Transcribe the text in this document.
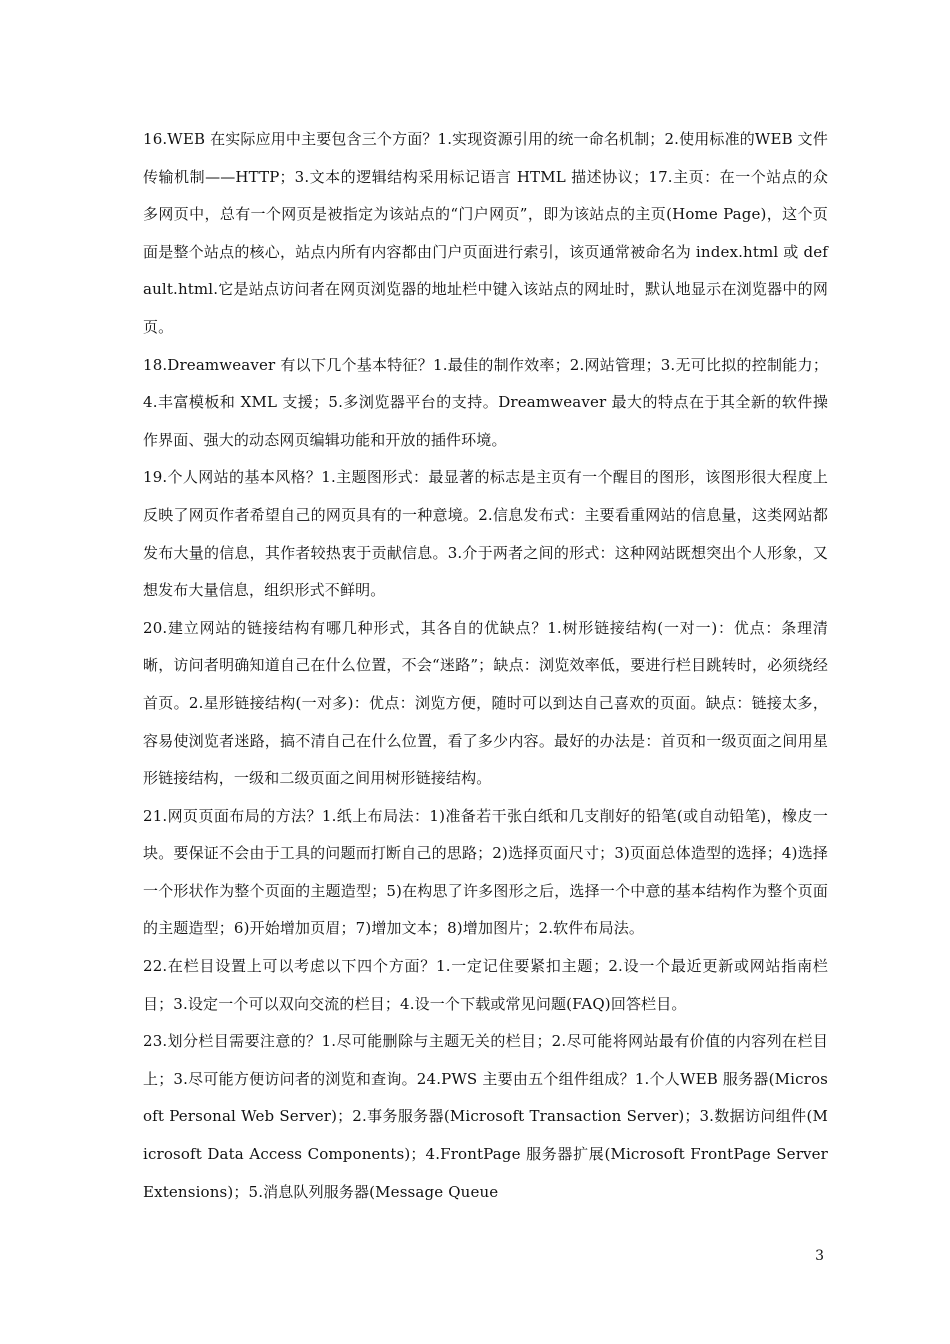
16.WEB 在实际应用中主要包含三个方面？1.实现资源引用的统一命名机制；2.使用标准的WEB 文件传输机制——HTTP；3.文本的逻辑结构采用标记语言 HTML 描述协议；17.主页：在一个站点的众多网页中，总有一个网页是被指定为该站点的“门户网页”，即为该站点的主页(Home Page)，这个页面是整个站点的核心，站点内所有内容都由门户页面进行索引，该页通常被命名为 index.html 或 default.html.它是站点访问者在网页浏览器的地址栏中键入该站点的网址时，默认地显示在浏览器中的网页。

18.Dreamweaver 有以下几个基本特征？1.最佳的制作效率；2.网站管理；3.无可比拟的控制能力；4.丰富模板和 XML 支援；5.多浏览器平台的支持。Dreamweaver 最大的特点在于其全新的软件操作界面、强大的动态网页编辑功能和开放的插件环境。

19.个人网站的基本风格？1.主题图形式：最显著的标志是主页有一个醒目的图形，该图形很大程度上反映了网页作者希望自己的网页具有的一种意境。2.信息发布式：主要看重网站的信息量，这类网站都发布大量的信息，其作者较热衷于贡献信息。3.介于两者之间的形式：这种网站既想突出个人形象，又想发布大量信息，组织形式不鲜明。

20.建立网站的链接结构有哪几种形式，其各自的优缺点？1.树形链接结构(一对一)：优点：条理清晰，访问者明确知道自己在什么位置，不会“迷路”；缺点：浏览效率低，要进行栏目跳转时，必须绕经首页。2.星形链接结构(一对多)：优点：浏览方便，随时可以到达自己喜欢的页面。缺点：链接太多，容易使浏览者迷路，搞不清自己在什么位置，看了多少内容。最好的办法是：首页和一级页面之间用星形链接结构，一级和二级页面之间用树形链接结构。

21.网页页面布局的方法？1.纸上布局法：1)准备若干张白纸和几支削好的铅笔(或自动铅笔)，橡皮一块。要保证不会由于工具的问题而打断自己的思路；2)选择页面尺寸；3)页面总体造型的选择；4)选择一个形状作为整个页面的主题造型；5)在构思了许多图形之后，选择一个中意的基本结构作为整个页面的主题造型；6)开始增加页眉；7)增加文本；8)增加图片；2.软件布局法。

22.在栏目设置上可以考虑以下四个方面？1.一定记住要紧扣主题；2.设一个最近更新或网站指南栏目；3.设定一个可以双向交流的栏目；4.设一个下载或常见问题(FAQ)回答栏目。

23.划分栏目需要注意的？1.尽可能删除与主题无关的栏目；2.尽可能将网站最有价值的内容列在栏目上；3.尽可能方便访问者的浏览和查询。24.PWS 主要由五个组件组成？1.个人WEB 服务器(Microsoft Personal Web Server)；2.事务服务器(Microsoft Transaction Server)；3.数据访问组件(Microsoft Data Access Components)；4.FrontPage 服务器扩展(Microsoft FrontPage Server Extensions)；5.消息队列服务器(Message Queue

3
